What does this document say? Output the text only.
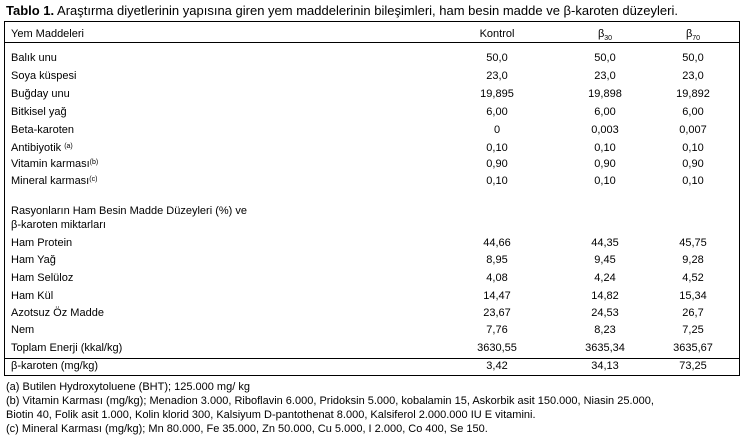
Tablo 1. Araştırma diyetlerinin yapısına giren yem maddelerinin bileşimleri, ham besin madde ve β-karoten düzeyleri.
Yem Maddeleri	Kontrol	$\beta_{30}$	$\beta_{70}$
Balık unu	50,0	50,0	50,0
Soya küspesi	23,0	23,0	23,0
Buğday unu	19,895	19,898	19,892
Bitkisel yağ	6,00	6,00	6,00
Beta-karoten	0	0,003	0,007
Antibiyotik $^{(a)}$	0,10	0,10	0,10
Vitamin karması$^{(b)}$	0,90	0,90	0,90
Mineral karması$^{(c)}$	0,10	0,10	0,10
Rasyonların Ham Besin Madde Düzeyleri (%) ve
β-karoten miktarları
Ham Protein	44,66	44,35	45,75
Ham Yağ	8,95	9,45	9,28
Ham Selüloz	4,08	4,24	4,52
Ham Kül	14,47	14,82	15,34
Azotsuz Öz Madde	23,67	24,53	26,7
Nem	7,76	8,23	7,25
Toplam Enerji (kkal/kg)	3630,55	3635,34	3635,67
β-karoten (mg/kg)	3,42	34,13	73,25
(a) Butilen Hydroxytoluene (BHT); 125.000 mg/ kg
(b) Vitamin Karması (mg/kg); Menadion 3.000, Riboflavin 6.000, Pridoksin 5.000, kobalamin 15, Askorbik asit 150.000, Niasin 25.000,
Biotin 40, Folik asit 1.000, Kolin klorid 300, Kalsiyum D-pantothenat 8.000, Kalsiferol 2.000.000 IU E vitamini.
(c) Mineral Karması (mg/kg); Mn 80.000, Fe 35.000, Zn 50.000, Cu 5.000, I 2.000, Co 400, Se 150.
